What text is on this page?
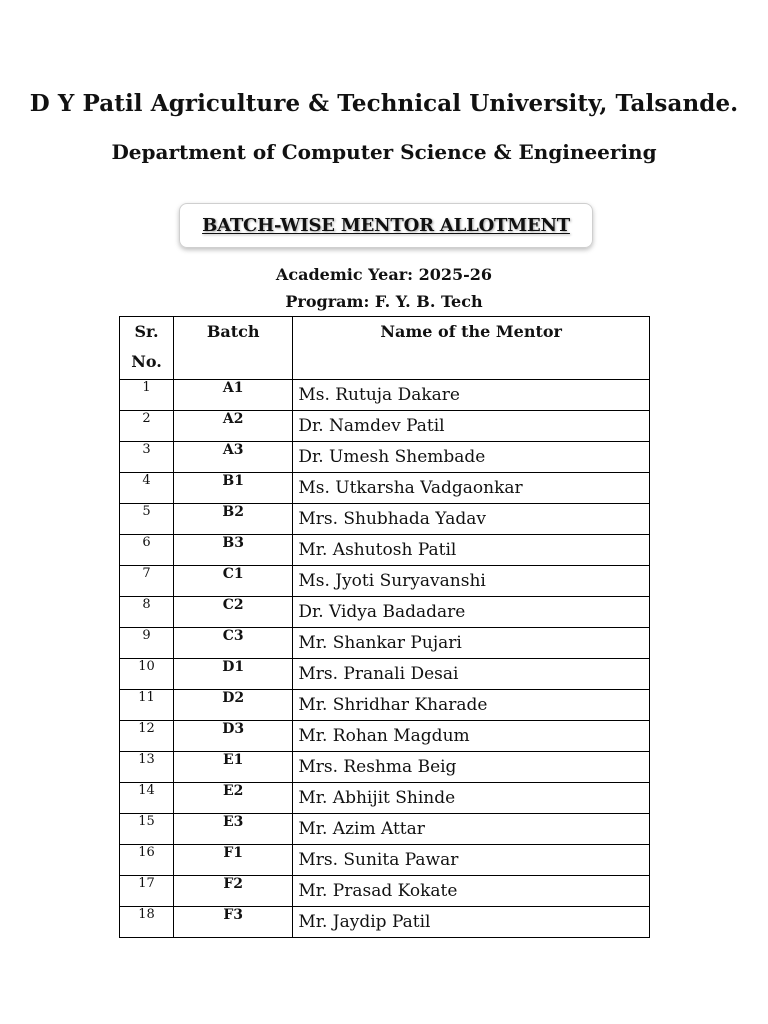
D Y Patil Agriculture & Technical University, Talsande.
Department of Computer Science & Engineering
BATCH-WISE MENTOR ALLOTMENT
Academic Year: 2025-26
Program: F. Y. B. Tech
Sr.
No.	Batch	Name of the Mentor
1	A1	Ms. Rutuja Dakare
2	A2	Dr. Namdev Patil
3	A3	Dr. Umesh Shembade
4	B1	Ms. Utkarsha Vadgaonkar
5	B2	Mrs. Shubhada Yadav
6	B3	Mr. Ashutosh Patil
7	C1	Ms. Jyoti Suryavanshi
8	C2	Dr. Vidya Badadare
9	C3	Mr. Shankar Pujari
10	D1	Mrs. Pranali Desai
11	D2	Mr. Shridhar Kharade
12	D3	Mr. Rohan Magdum
13	E1	Mrs. Reshma Beig
14	E2	Mr. Abhijit Shinde
15	E3	Mr. Azim Attar
16	F1	Mrs. Sunita Pawar
17	F2	Mr. Prasad Kokate
18	F3	Mr. Jaydip Patil
